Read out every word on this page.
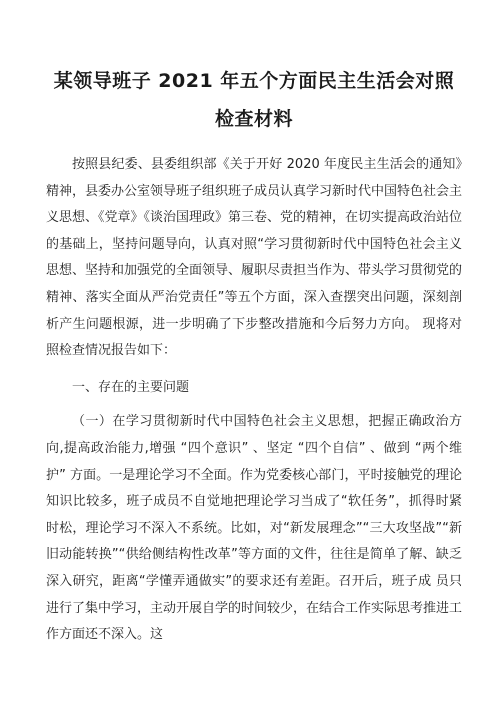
某领导班子 2021 年五个方面民主生活会对照检查材料

按照县纪委、县委组织部《关于开好 2020 年度民主生活会的通知》精神，县委办公室领导班子组织班子成员认真学习新时代中国特色社会主义思想、《党章》《谈治国理政》第三卷、党的精神，在切实提高政治站位的基础上，坚持问题导向，认真对照“学习贯彻新时代中国特色社会主义思想、坚持和加强党的全面领导、履职尽责担当作为、带头学习贯彻党的精神、落实全面从严治党责任”等五个方面，深入查摆突出问题，深刻剖析产生问题根源，进一步明确了下步整改措施和今后努力方向。 现将对照检查情况报告如下：

一、存在的主要问题

（一）在学习贯彻新时代中国特色社会主义思想，把握正确政治方向,提高政治能力,增强 “四个意识” 、坚定 “四个自信” 、做到 “两个维护” 方面。一是理论学习不全面。作为党委核心部门，平时接触党的理论知识比较多，班子成员不自觉地把理论学习当成了“软任务”，抓得时紧时松，理论学习不深入不系统。比如，对“新发展理念”“三大攻坚战”“新旧动能转换”“供给侧结构性改革”等方面的文件，往往是简单了解、缺乏深入研究，距离“学懂弄通做实”的要求还有差距。召开后，班子成 员只进行了集中学习，主动开展自学的时间较少，在结合工作实际思考推进工作方面还不深入。这
